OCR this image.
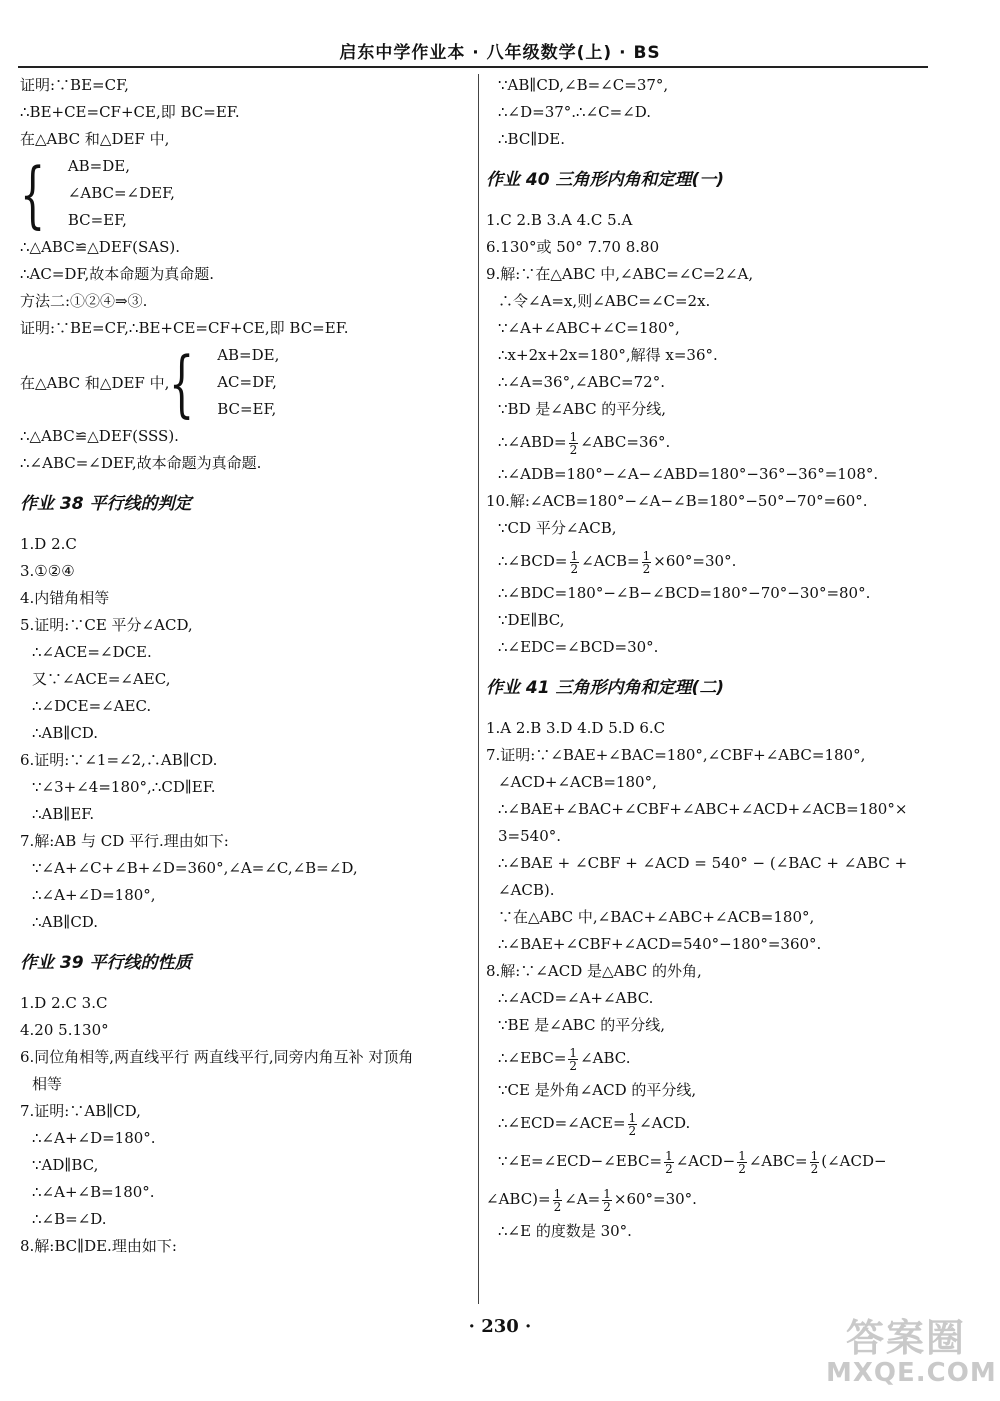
启东中学作业本 · 八年级数学(上) · BS
证明:∵BE=CF,
∴BE+CE=CF+CE,即 BC=EF.
在△ABC 和△DEF 中,
{ AB=DE,
∠ABC=∠DEF,
BC=EF,
∴△ABC≌△DEF(SAS).
∴AC=DF,故本命题为真命题.
方法二:①②④⇒③.
证明:∵BE=CF,∴BE+CE=CF+CE,即 BC=EF.
在△ABC 和△DEF 中, { AB=DE,
AC=DF,
BC=EF,
∴△ABC≌△DEF(SSS).
∴∠ABC=∠DEF,故本命题为真命题.
作业 38 平行线的判定
1.D 2.C
3.①②④
4.内错角相等
5.证明:∵CE 平分∠ACD,
∴∠ACE=∠DCE.
又∵∠ACE=∠AEC,
∴∠DCE=∠AEC.
∴AB∥CD.
6.证明:∵∠1=∠2,∴AB∥CD.
∵∠3+∠4=180°,∴CD∥EF.
∴AB∥EF.
7.解:AB 与 CD 平行.理由如下:
∵∠A+∠C+∠B+∠D=360°,∠A=∠C,∠B=∠D,
∴∠A+∠D=180°,
∴AB∥CD.
作业 39 平行线的性质
1.D 2.C 3.C
4.20 5.130°
6.同位角相等,两直线平行 两直线平行,同旁内角互补 对顶角
相等
7.证明:∵AB∥CD,
∴∠A+∠D=180°.
∵AD∥BC,
∴∠A+∠B=180°.
∴∠B=∠D.
8.解:BC∥DE.理由如下:
∵AB∥CD,∠B=∠C=37°,
∴∠D=37°.∴∠C=∠D.
∴BC∥DE.
作业 40 三角形内角和定理(一)
1.C 2.B 3.A 4.C 5.A
6.130°或 50° 7.70 8.80
9.解:∵在△ABC 中,∠ABC=∠C=2∠A,
∴令∠A=x,则∠ABC=∠C=2x.
∵∠A+∠ABC+∠C=180°,
∴x+2x+2x=180°,解得 x=36°.
∴∠A=36°,∠ABC=72°.
∵BD 是∠ABC 的平分线,
∴∠ABD= $\frac{1}{2}$ ∠ABC=36°.
∴∠ADB=180°−∠A−∠ABD=180°−36°−36°=108°.
10.解:∠ACB=180°−∠A−∠B=180°−50°−70°=60°.
∵CD 平分∠ACB,
∴∠BCD= $\frac{1}{2}$ ∠ACB= $\frac{1}{2} \times 60^\circ=30^\circ$.
∴∠BDC=180°−∠B−∠BCD=180°−70°−30°=80°.
∵DE∥BC,
∴∠EDC=∠BCD=30°.
作业 41 三角形内角和定理(二)
1.A 2.B 3.D 4.D 5.D 6.C
7.证明:∵∠BAE+∠BAC=180°,∠CBF+∠ABC=180°,
∠ACD+∠ACB=180°,
∴∠BAE+∠BAC+∠CBF+∠ABC+∠ACD+∠ACB=180°×
3=540°.
∴∠BAE + ∠CBF + ∠ACD = 540° − (∠BAC + ∠ABC +
∠ACB).
∵在△ABC 中,∠BAC+∠ABC+∠ACB=180°,
∴∠BAE+∠CBF+∠ACD=540°−180°=360°.
8.解:∵∠ACD 是△ABC 的外角,
∴∠ACD=∠A+∠ABC.
∵BE 是∠ABC 的平分线,
∴∠EBC= $\frac{1}{2}$ ∠ABC.
∵CE 是外角∠ACD 的平分线,
∴∠ECD=∠ACE= $\frac{1}{2}$ ∠ACD.
∵∠E=∠ECD−∠EBC= $\frac{1}{2}$ ∠ACD− $\frac{1}{2}$ ∠ABC= $\frac{1}{2}$ (∠ACD−
∠ABC)= $\frac{1}{2}$ ∠A= $\frac{1}{2} \times 60^\circ=30^\circ$.
∴∠E 的度数是 30°.
· 230 ·	答案圈
MXQE.COM
